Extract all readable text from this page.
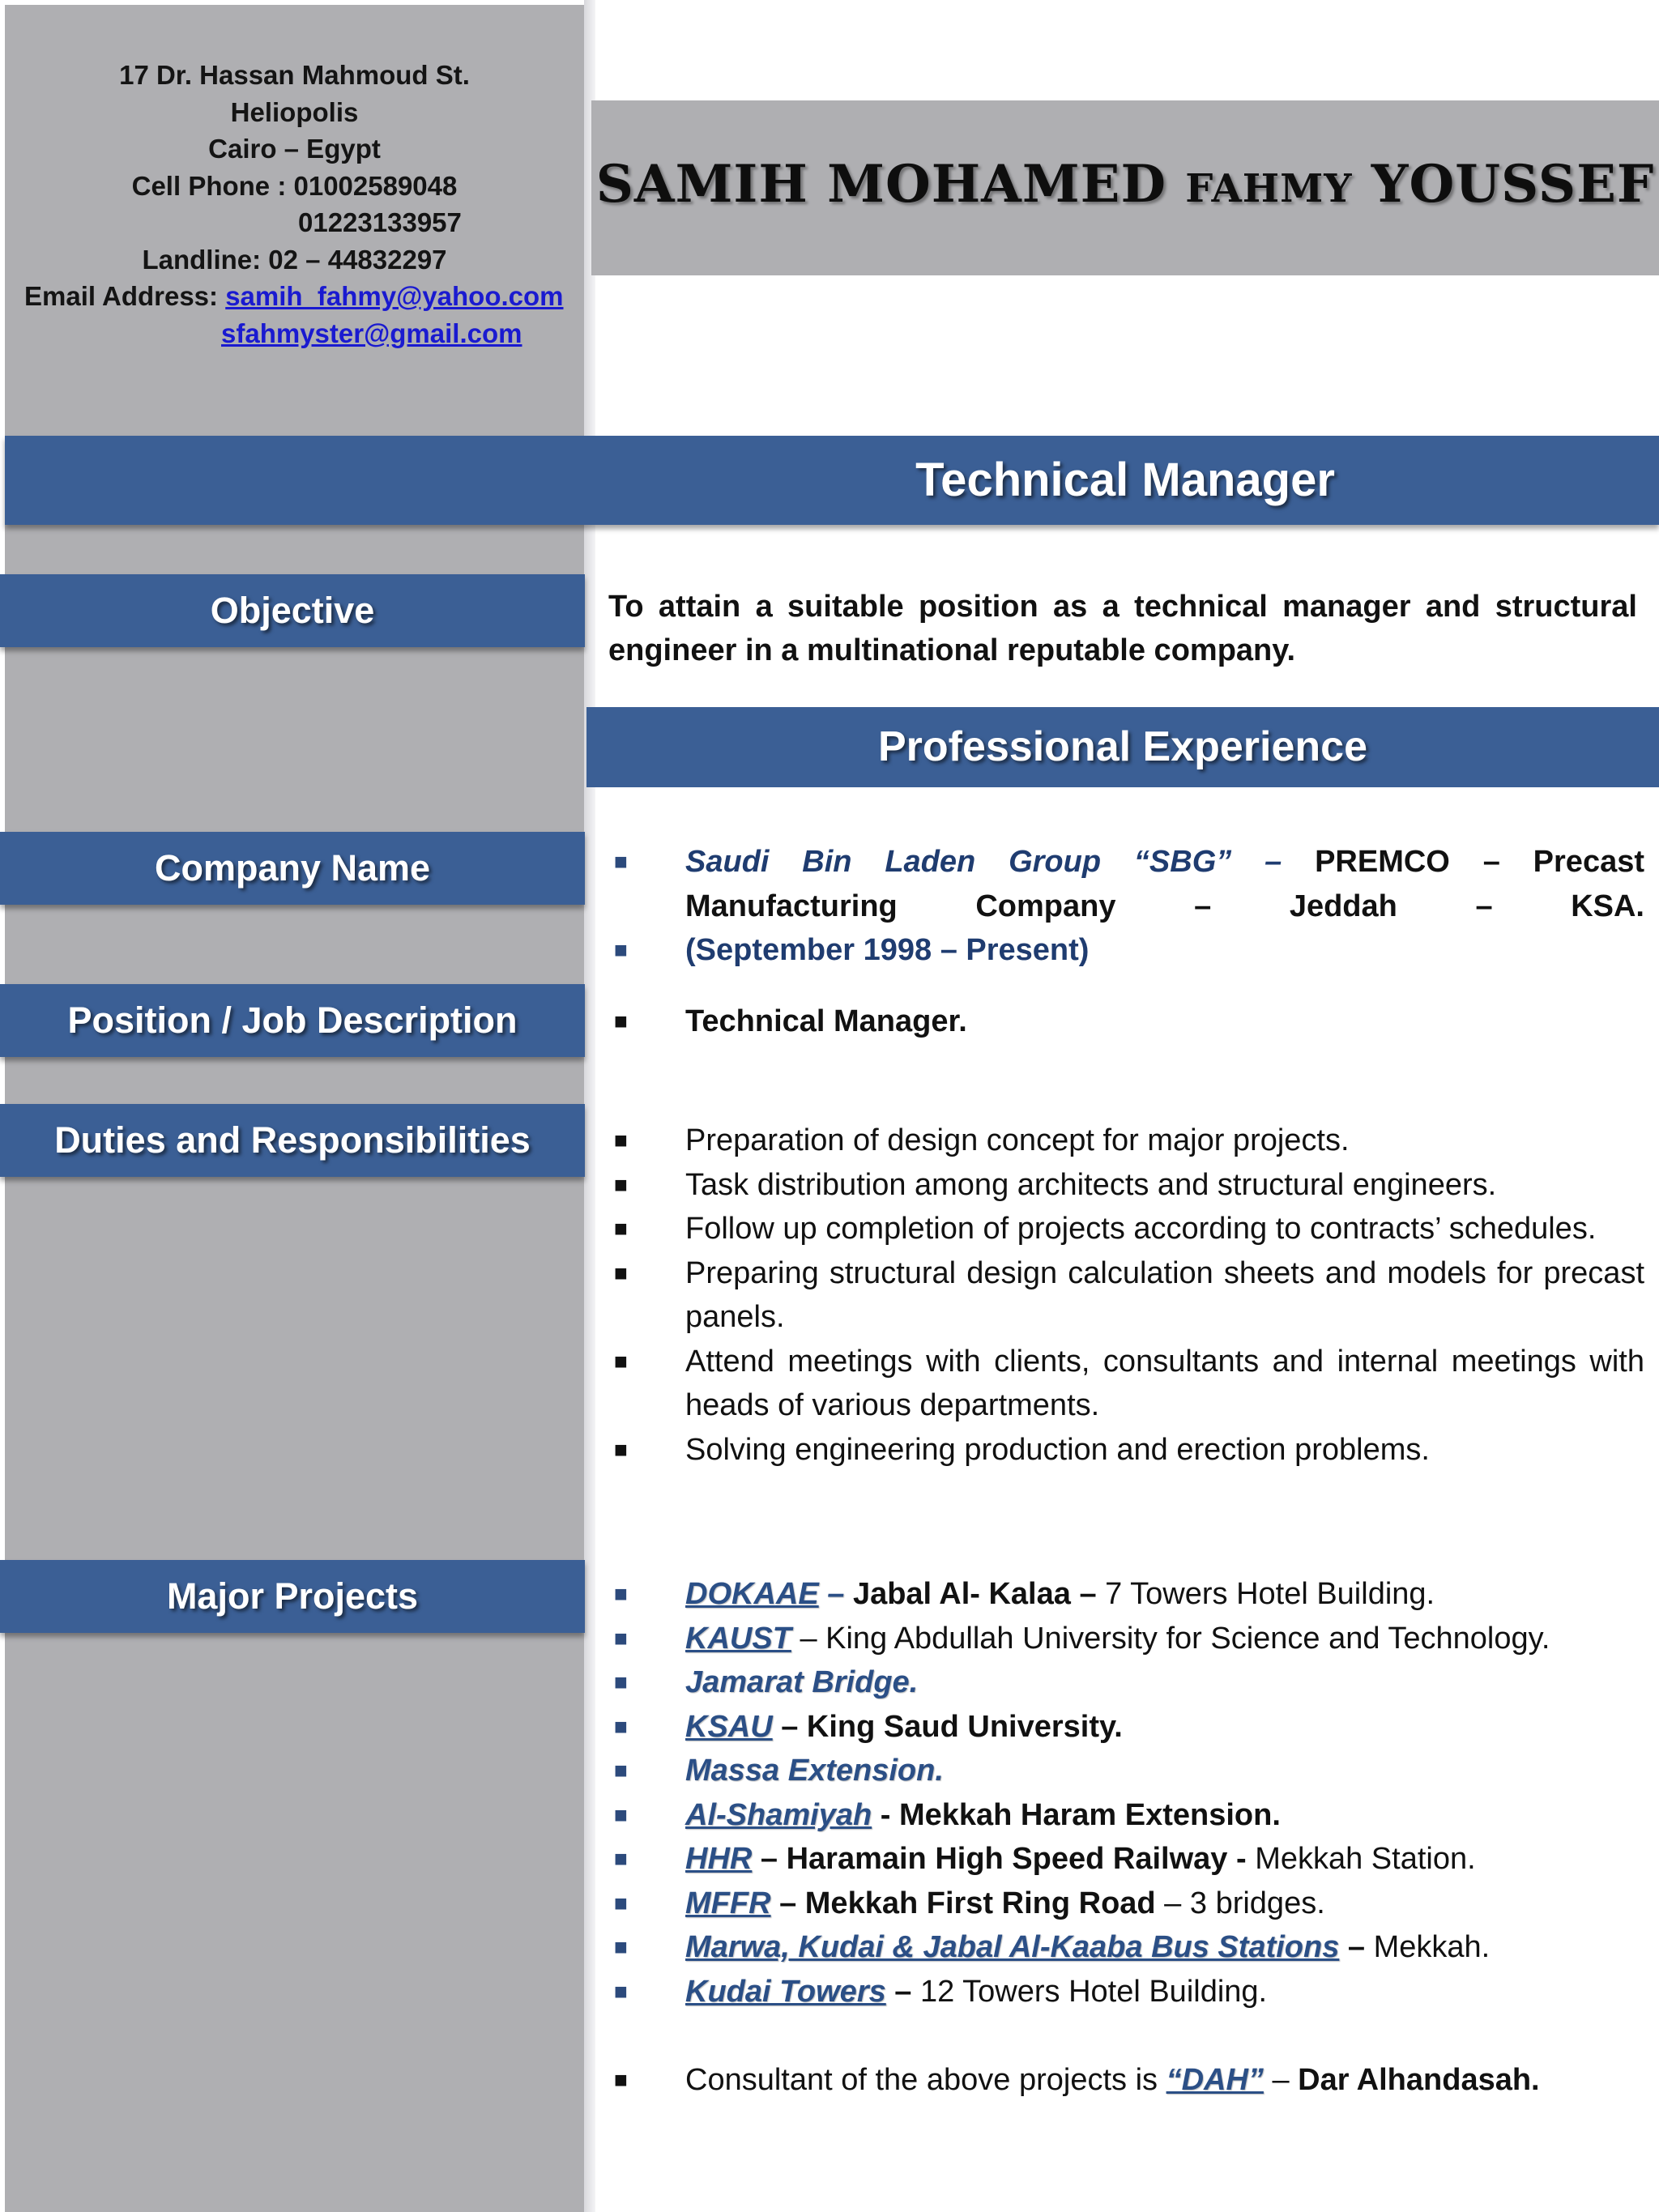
17 Dr. Hassan Mahmoud St.
Heliopolis
Cairo – Egypt
Cell Phone : 01002589048
01223133957
Landline: 02 – 44832297
Email Address: samih_fahmy@yahoo.com
sfahmyster@gmail.com
SAMIH MOHAMED FAHMY YOUSSEF
Technical Manager
Objective
Company Name
Position / Job Description
Duties and Responsibilities
Major Projects
To attain a suitable position as a technical manager and structural engineer in a multinational reputable company.
Professional Experience
■ Saudi Bin Laden Group “SBG” – PREMCO – Precast Manufacturing Company – Jeddah – KSA.
■ (September 1998 – Present)
■ Technical Manager.
■ Preparation of design concept for major projects.
■ Task distribution among architects and structural engineers.
■ Follow up completion of projects according to contracts’ schedules.
■ Preparing structural design calculation sheets and models for precast panels.
■ Attend meetings with clients, consultants and internal meetings with heads of various departments.
■ Solving engineering production and erection problems.
■ DOKAAE – Jabal Al- Kalaa – 7 Towers Hotel Building.
■ KAUST – King Abdullah University for Science and Technology.
■ Jamarat Bridge.
■ KSAU – King Saud University.
■ Massa Extension.
■ Al-Shamiyah - Mekkah Haram Extension.
■ HHR – Haramain High Speed Railway - Mekkah Station.
■ MFFR – Mekkah First Ring Road – 3 bridges.
■ Marwa, Kudai & Jabal Al-Kaaba Bus Stations – Mekkah.
■ Kudai Towers – 12 Towers Hotel Building.
■ Consultant of the above projects is “DAH” – Dar Alhandasah.
